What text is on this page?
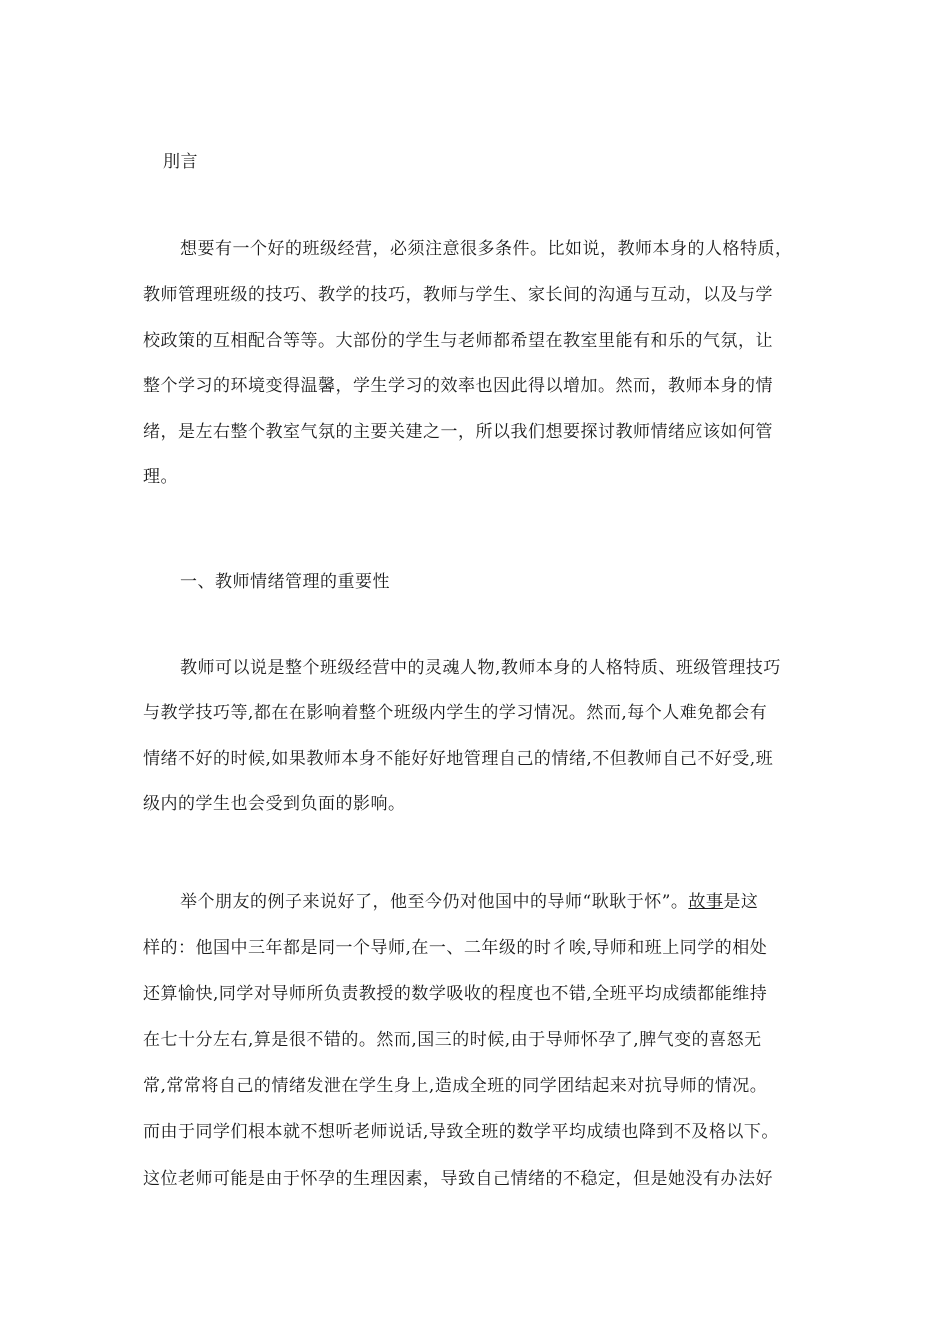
刖言
想要有一个好的班级经营，必须注意很多条件。比如说，教师本身的人格特质，
教师管理班级的技巧、教学的技巧，教师与学生、家长间的沟通与互动，以及与学
校政策的互相配合等等。大部份的学生与老师都希望在教室里能有和乐的气氛，让
整个学习的环境变得温馨，学生学习的效率也因此得以增加。然而，教师本身的情
绪，是左右整个教室气氛的主要关建之一，所以我们想要探讨教师情绪应该如何管
理。
一、教师情绪管理的重要性
教师可以说是整个班级经营中的灵魂人物,教师本身的人格特质、班级管理技巧
与教学技巧等,都在在影响着整个班级内学生的学习情况。然而,每个人难免都会有
情绪不好的时候,如果教师本身不能好好地管理自己的情绪,不但教师自己不好受,班
级内的学生也会受到负面的影响。
举个朋友的例子来说好了，他至今仍对他国中的导师“耿耿于怀”。故事是这
样的：他国中三年都是同一个导师,在一、二年级的时彳唉,导师和班上同学的相处
还算愉快,同学对导师所负责教授的数学吸收的程度也不错,全班平均成绩都能维持
在七十分左右,算是很不错的。然而,国三的时候,由于导师怀孕了,脾气变的喜怒无
常,常常将自己的情绪发泄在学生身上,造成全班的同学团结起来对抗导师的情况。
而由于同学们根本就不想听老师说话,导致全班的数学平均成绩也降到不及格以下。
这位老师可能是由于怀孕的生理因素，导致自己情绪的不稳定，但是她没有办法好
